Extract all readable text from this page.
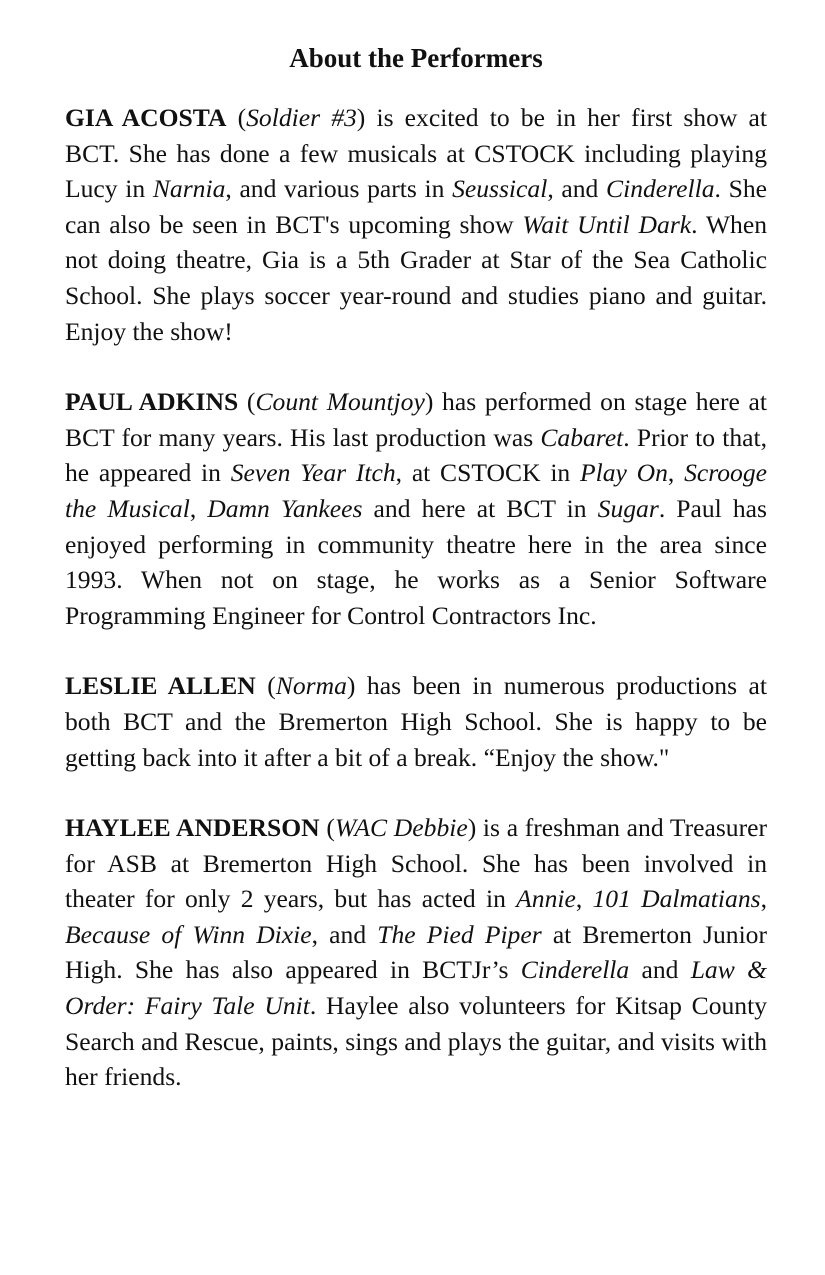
About the Performers

GIA ACOSTA (Soldier #3) is excited to be in her first show at BCT. She has done a few musicals at CSTOCK including playing Lucy in Narnia, and various parts in Seussical, and Cinderella. She can also be seen in BCT's upcoming show Wait Until Dark. When not doing theatre, Gia is a 5th Grader at Star of the Sea Catholic School. She plays soccer year-round and studies piano and guitar. Enjoy the show!

PAUL ADKINS (Count Mountjoy) has performed on stage here at BCT for many years. His last production was Cabaret. Prior to that, he appeared in Seven Year Itch, at CSTOCK in Play On, Scrooge the Musical, Damn Yankees and here at BCT in Sugar. Paul has enjoyed performing in community theatre here in the area since 1993. When not on stage, he works as a Senior Software Programming Engineer for Control Contractors Inc.

LESLIE ALLEN (Norma) has been in numerous productions at both BCT and the Bremerton High School. She is happy to be getting back into it after a bit of a break. “Enjoy the show."

HAYLEE ANDERSON (WAC Debbie) is a freshman and Treasurer for ASB at Bremerton High School. She has been involved in theater for only 2 years, but has acted in Annie, 101 Dalmatians, Because of Winn Dixie, and The Pied Piper at Bremerton Junior High. She has also appeared in BCTJr’s Cinderella and Law & Order: Fairy Tale Unit. Haylee also volunteers for Kitsap County Search and Rescue, paints, sings and plays the guitar, and visits with her friends.
